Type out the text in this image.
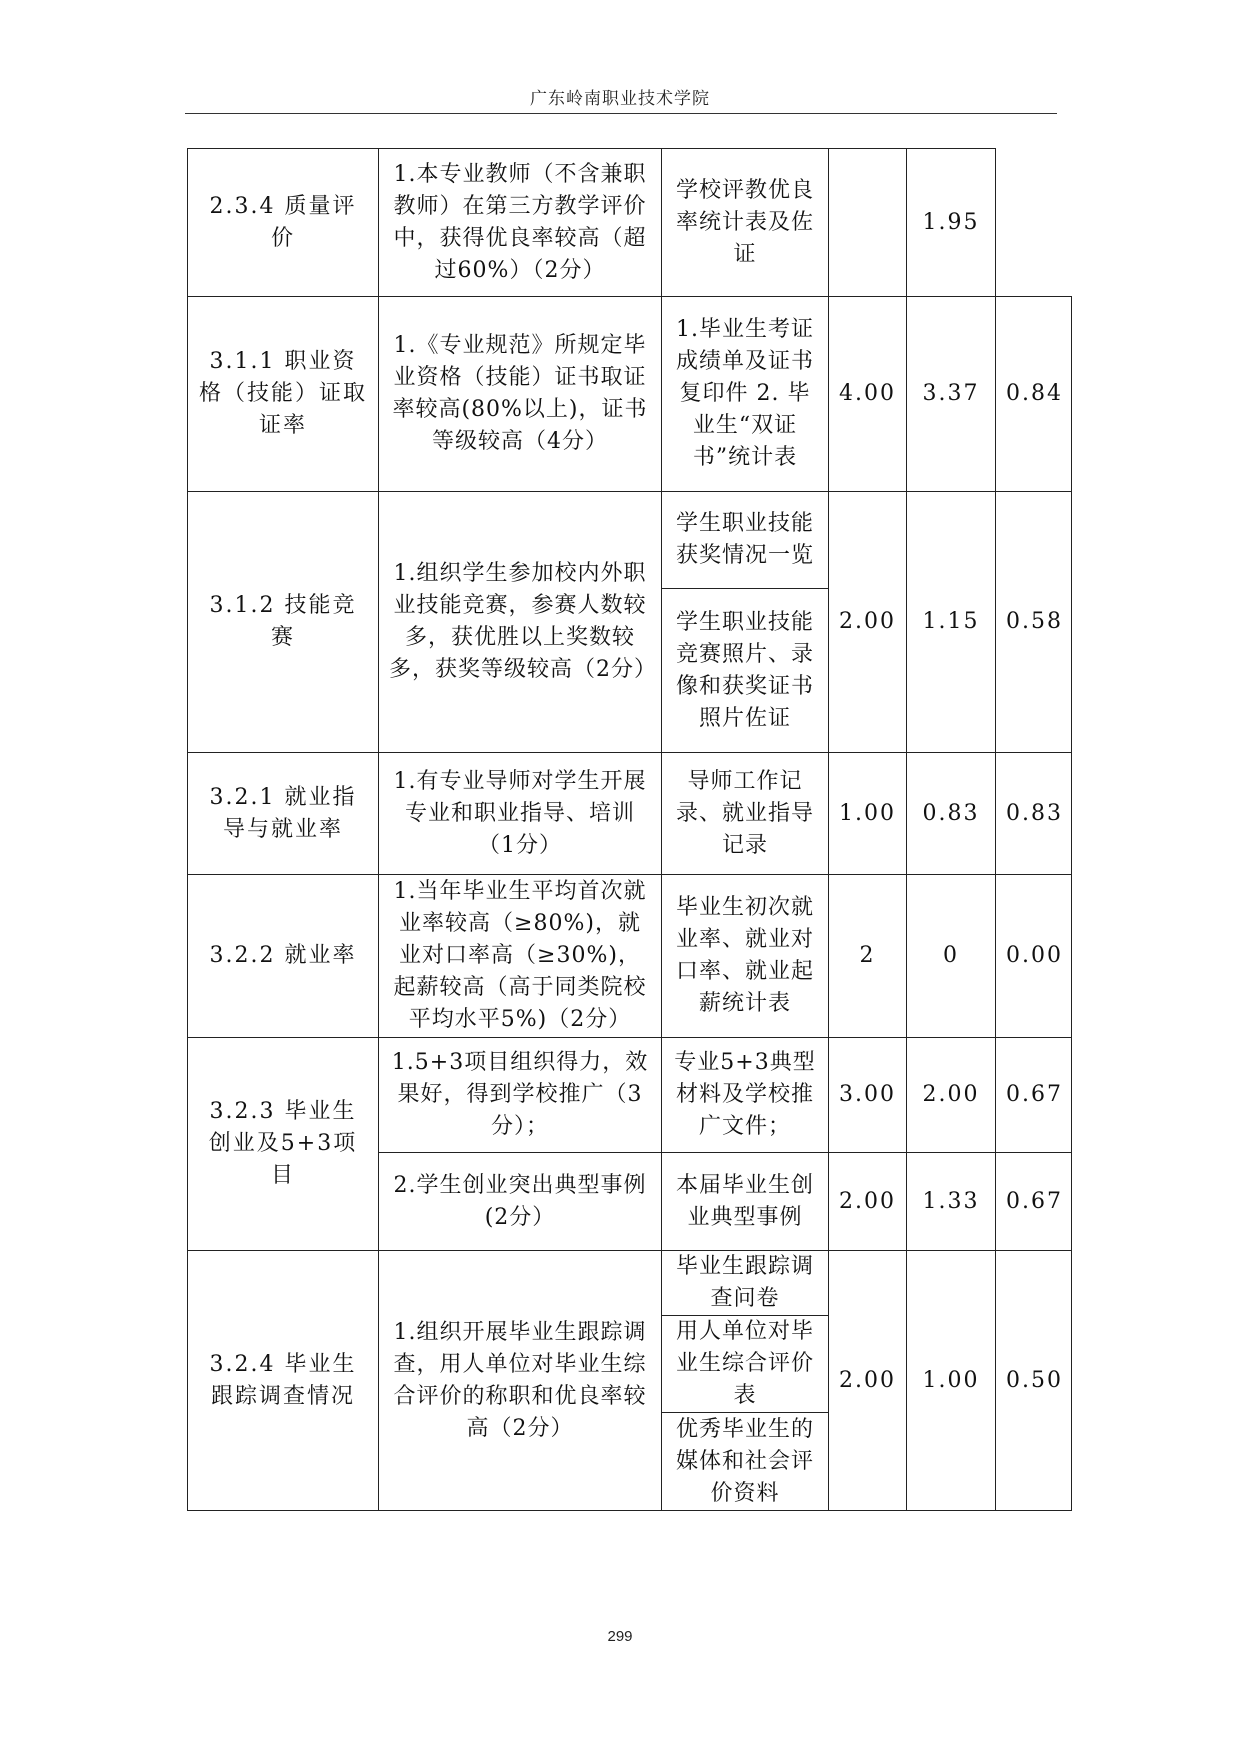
广东岭南职业技术学院
2.3.4 质量评价	1.本专业教师（不含兼职教师）在第三方教学评价中，获得优良率较高（超过60%）（2分）	学校评教优良率统计表及佐证		1.95	
3.1.1 职业资格（技能）证取证率	1.《专业规范》所规定毕业资格（技能）证书取证率较高(80%以上)，证书等级较高（4分）	1.毕业生考证成绩单及证书复印件 2. 毕业生“双证书”统计表	4.00	3.37	0.84
3.1.2 技能竞赛	1.组织学生参加校内外职业技能竞赛，参赛人数较多，获优胜以上奖数较多，获奖等级较高（2分）	学生职业技能获奖情况一览	2.00	1.15	0.58
		学生职业技能竞赛照片、录像和获奖证书照片佐证			
3.2.1 就业指导与就业率	1.有专业导师对学生开展专业和职业指导、培训（1分）	导师工作记录、就业指导记录	1.00	0.83	0.83
3.2.2 就业率	1.当年毕业生平均首次就业率较高（≥80%)，就业对口率高（≥30%)，起薪较高（高于同类院校平均水平5%)（2分）	毕业生初次就业率、就业对口率、就业起薪统计表	2	0	0.00
3.2.3 毕业生创业及5+3项目	1.5+3项目组织得力，效果好，得到学校推广（3分）；	专业5+3典型材料及学校推广文件；	3.00	2.00	0.67
	2.学生创业突出典型事例(2分）	本届毕业生创业典型事例	2.00	1.33	0.67
3.2.4 毕业生跟踪调查情况	1.组织开展毕业生跟踪调查，用人单位对毕业生综合评价的称职和优良率较高（2分）	毕业生跟踪调查问卷	2.00	1.00	0.50
		用人单位对毕业生综合评价表			
		优秀毕业生的媒体和社会评价资料			
299
